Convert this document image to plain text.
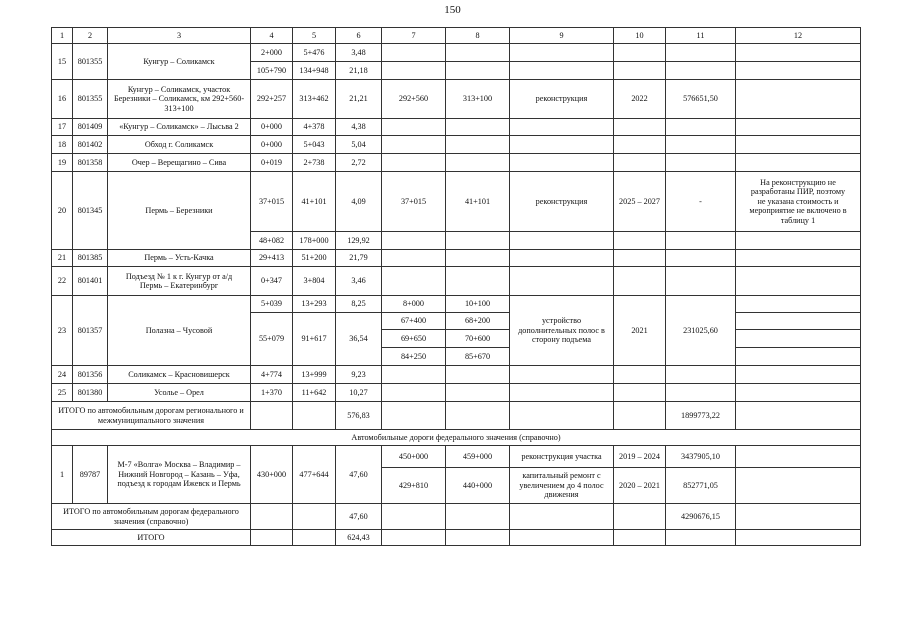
150
1	2	3	4	5	6	7	8	9	10	11	12
15	801355	Кунгур – Соликамск	2+000	5+476	3,48						
			105+790	134+948	21,18						
16	801355	Кунгур – Соликамск, участок Березники – Соликамск, км 292+560-313+100	292+257	313+462	21,21	292+560	313+100	реконструкция	2022	576651,50	
17	801409	«Кунгур – Соликамск» – Лысьва 2	0+000	4+378	4,38						
18	801402	Обход г. Соликамск	0+000	5+043	5,04						
19	801358	Очер – Верещагино – Сива	0+019	2+738	2,72						
20	801345	Пермь – Березники	37+015	41+101	4,09	37+015	41+101	реконструкция	2025 – 2027	-	На реконструкцию не разработаны ПИР, поэтому не указана стоимость и мероприятие не включено в таблицу 1
			48+082	178+000	129,92						
21	801385	Пермь – Усть-Качка	29+413	51+200	21,79						
22	801401	Подъезд № 1 к г. Кунгур от а/д Пермь – Екатеринбург	0+347	3+804	3,46						
23	801357	Полазна – Чусовой	5+039	13+293	8,25	8+000	10+100	устройство дополнительных полос в сторону подъема	2021	231025,60	
			55+079	91+617	36,54	67+400	68+200				
						69+650	70+600				
						84+250	85+670				
24	801356	Соликамск – Красновишерск	4+774	13+999	9,23						
25	801380	Усолье – Орел	1+370	11+642	10,27						
ИТОГО по автомобильным дорогам регионального и межмуниципального значения					576,83					1899773,22	
Автомобильные дороги федерального значения (справочно)											
1	89787	М-7 «Волга» Москва – Владимир – Нижний Новгород – Казань – Уфа, подъезд к городам Ижевск и Пермь	430+000	477+644	47,60	450+000	459+000	реконструкция участка	2019 – 2024	3437905,10	
						429+810	440+000	капитальный ремонт с увеличением до 4 полос движения	2020 – 2021	852771,05	
ИТОГО по автомобильным дорогам федерального значения (справочно)					47,60					4290676,15	
ИТОГО					624,43						
